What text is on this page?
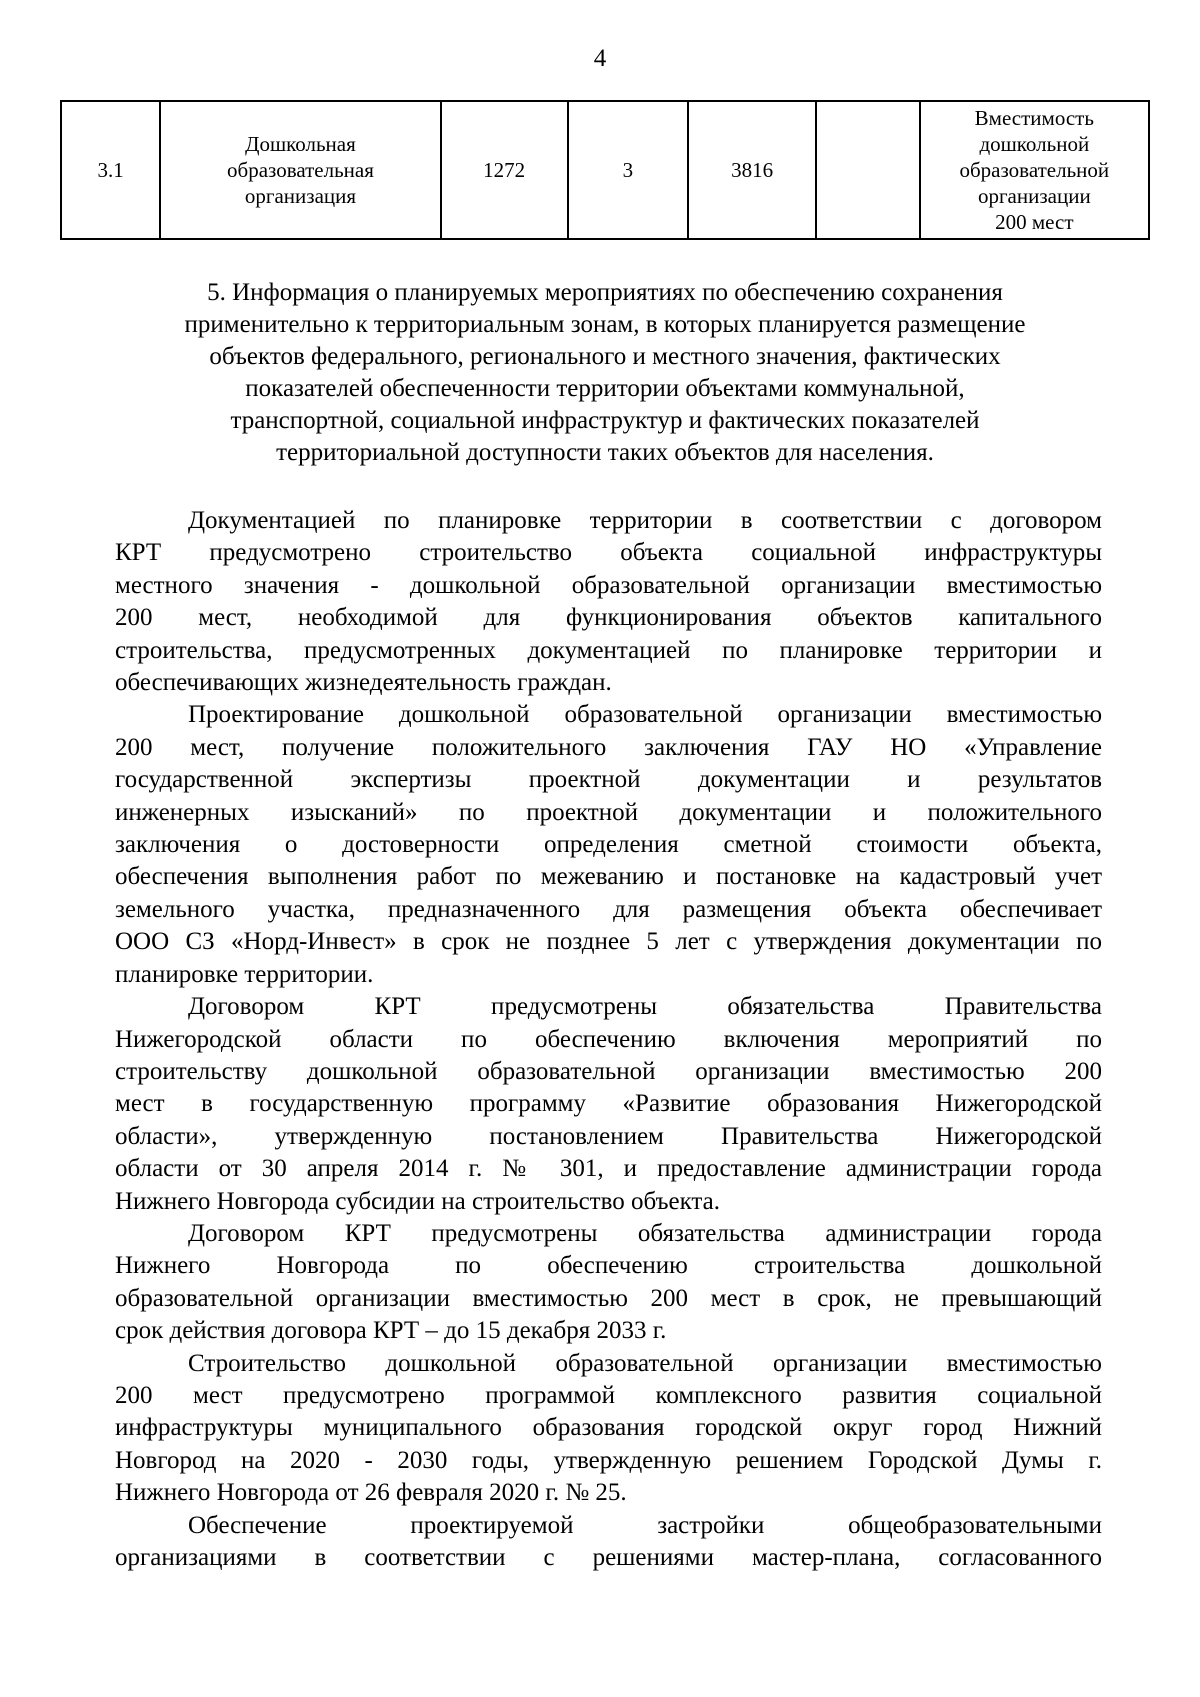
4
3.1	Дошкольная
образовательная
организация	1272	3	3816		Вместимость
дошкольной
образовательной
организации
200 мест
5. Информация о планируемых мероприятиях по обеспечению сохранения
применительно к территориальным зонам, в которых планируется размещение
объектов федерального, регионального и местного значения, фактических
показателей обеспеченности территории объектами коммунальной,
транспортной, социальной инфраструктур и фактических показателей
территориальной доступности таких объектов для населения.
Документацией по планировке территории в соответствии с договором
КРТ предусмотрено строительство объекта социальной инфраструктуры
местного значения - дошкольной образовательной организации вместимостью
200 мест, необходимой для функционирования объектов капитального
строительства, предусмотренных документацией по планировке территории и
обеспечивающих жизнедеятельность граждан.
Проектирование дошкольной образовательной организации вместимостью
200 мест, получение положительного заключения ГАУ НО «Управление
государственной экспертизы проектной документации и результатов
инженерных изысканий» по проектной документации и положительного
заключения о достоверности определения сметной стоимости объекта,
обеспечения выполнения работ по межеванию и постановке на кадастровый учет
земельного участка, предназначенного для размещения объекта обеспечивает
ООО СЗ «Норд-Инвест» в срок не позднее 5 лет с утверждения документации по
планировке территории.
Договором КРТ предусмотрены обязательства Правительства
Нижегородской области по обеспечению включения мероприятий по
строительству дошкольной образовательной организации вместимостью 200
мест в государственную программу «Развитие образования Нижегородской
области», утвержденную постановлением Правительства Нижегородской
области от 30 апреля 2014 г. № 301, и предоставление администрации города
Нижнего Новгорода субсидии на строительство объекта.
Договором КРТ предусмотрены обязательства администрации города
Нижнего Новгорода по обеспечению строительства дошкольной
образовательной организации вместимостью 200 мест в срок, не превышающий
срок действия договора КРТ – до 15 декабря 2033 г.
Строительство дошкольной образовательной организации вместимостью
200 мест предусмотрено программой комплексного развития социальной
инфраструктуры муниципального образования городской округ город Нижний
Новгород на 2020 - 2030 годы, утвержденную решением Городской Думы г.
Нижнего Новгорода от 26 февраля 2020 г. № 25.
Обеспечение проектируемой застройки общеобразовательными
организациями в соответствии с решениями мастер-плана, согласованного
